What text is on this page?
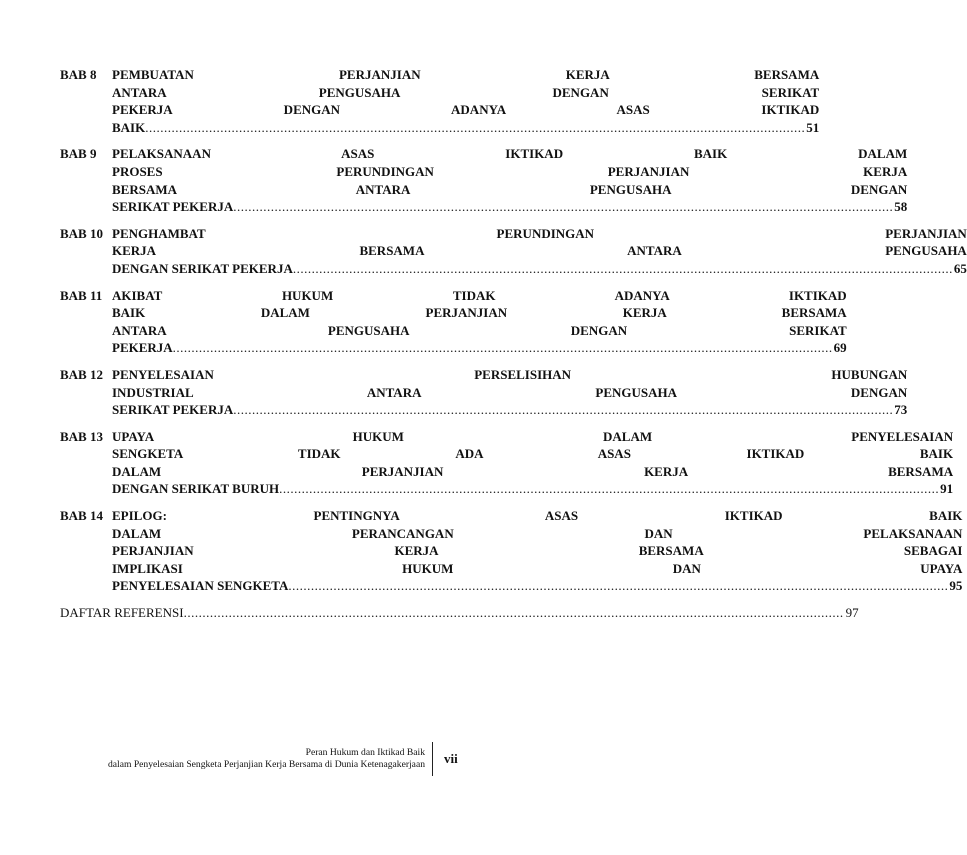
BAB 8	PEMBUATAN PERJANJIAN KERJA BERSAMA
ANTARA PENGUSAHA DENGAN SERIKAT
PEKERJA DENGAN ADANYA ASAS IKTIKAD
BAIK .....	51
BAB 9	PELAKSANAAN ASAS IKTIKAD BAIK DALAM
PROSES PERUNDINGAN PERJANJIAN KERJA
BERSAMA ANTARA PENGUSAHA DENGAN
SERIKAT PEKERJA .....	58
BAB 10 PENGHAMBAT PERUNDINGAN PERJANJIAN
KERJA BERSAMA ANTARA PENGUSAHA
DENGAN SERIKAT PEKERJA .....	65
BAB 11 AKIBAT HUKUM TIDAK ADANYA IKTIKAD
BAIK DALAM PERJANJIAN KERJA BERSAMA
ANTARA PENGUSAHA DENGAN SERIKAT
PEKERJA .....	69
BAB 12 PENYELESAIAN PERSELISIHAN HUBUNGAN
INDUSTRIAL ANTARA PENGUSAHA DENGAN
SERIKAT PEKERJA .....	73
BAB 13 UPAYA HUKUM DALAM PENYELESAIAN
SENGKETA TIDAK ADA ASAS IKTIKAD BAIK
DALAM PERJANJIAN KERJA BERSAMA
DENGAN SERIKAT BURUH .....	91
BAB 14 EPILOG: PENTINGNYA ASAS IKTIKAD BAIK
DALAM PERANCANGAN DAN PELAKSANAAN
PERJANJIAN KERJA BERSAMA SEBAGAI
IMPLIKASI HUKUM DAN UPAYA
PENYELESAIAN SENGKETA .....	95
DAFTAR REFERENSI .....	97
Peran Hukum dan Iktikad Baik
dalam Penyelesaian Sengketa Perjanjian Kerja Bersama di Dunia Ketenagakerjaan vii
